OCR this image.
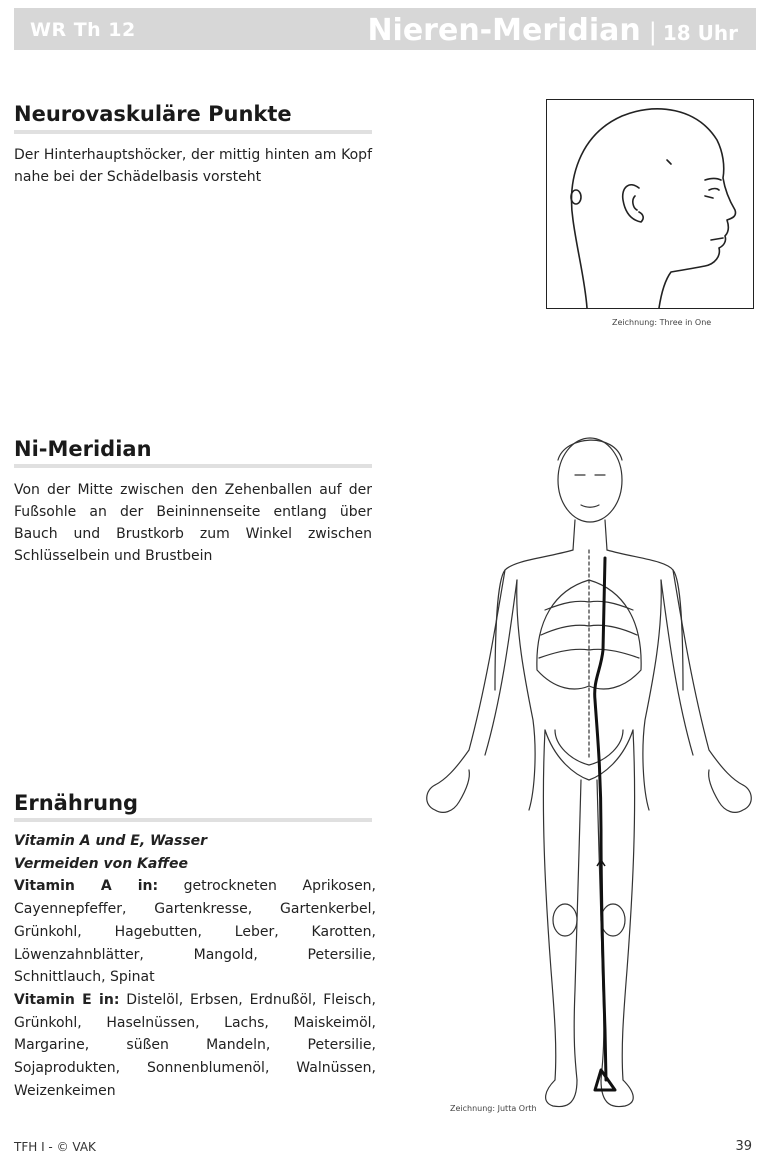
WR Th 12	Nieren-Meridian | 18 Uhr
Neurovaskuläre Punkte
Der Hinterhauptshöcker, der mittig hinten am Kopf nahe bei der Schädelbasis vorsteht
Zeichnung: Three in One
Ni-Meridian
Von der Mitte zwischen den Zehenballen auf der Fußsohle an der Beininnenseite entlang über Bauch und Brustkorb zum Winkel zwischen Schlüsselbein und Brustbein
Zeichnung: Jutta Orth
Ernährung
Vitamin A und E, Wasser
Vermeiden von Kaffee
Vitamin A in: getrockneten Aprikosen, Cayennepfeffer, Gartenkresse, Gartenkerbel, Grünkohl, Hagebutten, Leber, Karotten, Löwenzahnblätter, Mangold, Petersilie, Schnittlauch, Spinat
Vitamin E in: Distelöl, Erbsen, Erdnußöl, Fleisch, Grünkohl, Haselnüssen, Lachs, Maiskeimöl, Margarine, süßen Mandeln, Petersilie, Sojaprodukten, Sonnenblumenöl, Walnüssen, Weizenkeimen
TFH I - © VAK	39
